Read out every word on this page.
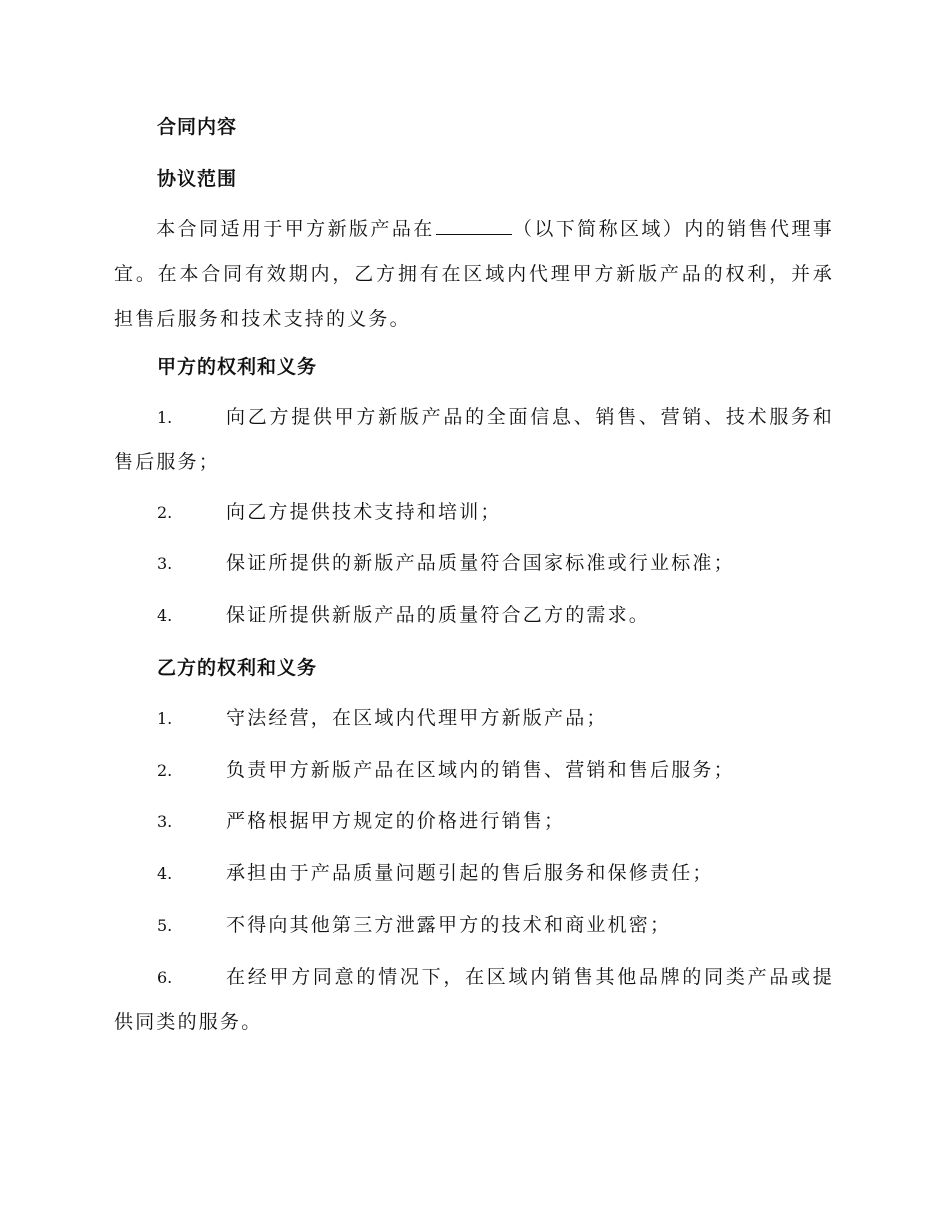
合同内容
协议范围
本合同适用于甲方新版产品在	（以下简称区域）内的销售代理事宜。在本合同有效期内，乙方拥有在区域内代理甲方新版产品的权利，并承担售后服务和技术支持的义务。
甲方的权利和义务
1.	向乙方提供甲方新版产品的全面信息、销售、营销、技术服务和售后服务；
2.	向乙方提供技术支持和培训；
3.	保证所提供的新版产品质量符合国家标准或行业标准；
4.	保证所提供新版产品的质量符合乙方的需求。
乙方的权利和义务
1.	守法经营，在区域内代理甲方新版产品；
2.	负责甲方新版产品在区域内的销售、营销和售后服务；
3.	严格根据甲方规定的价格进行销售；
4.	承担由于产品质量问题引起的售后服务和保修责任；
5.	不得向其他第三方泄露甲方的技术和商业机密；
6.	在经甲方同意的情况下，在区域内销售其他品牌的同类产品或提供同类的服务。
